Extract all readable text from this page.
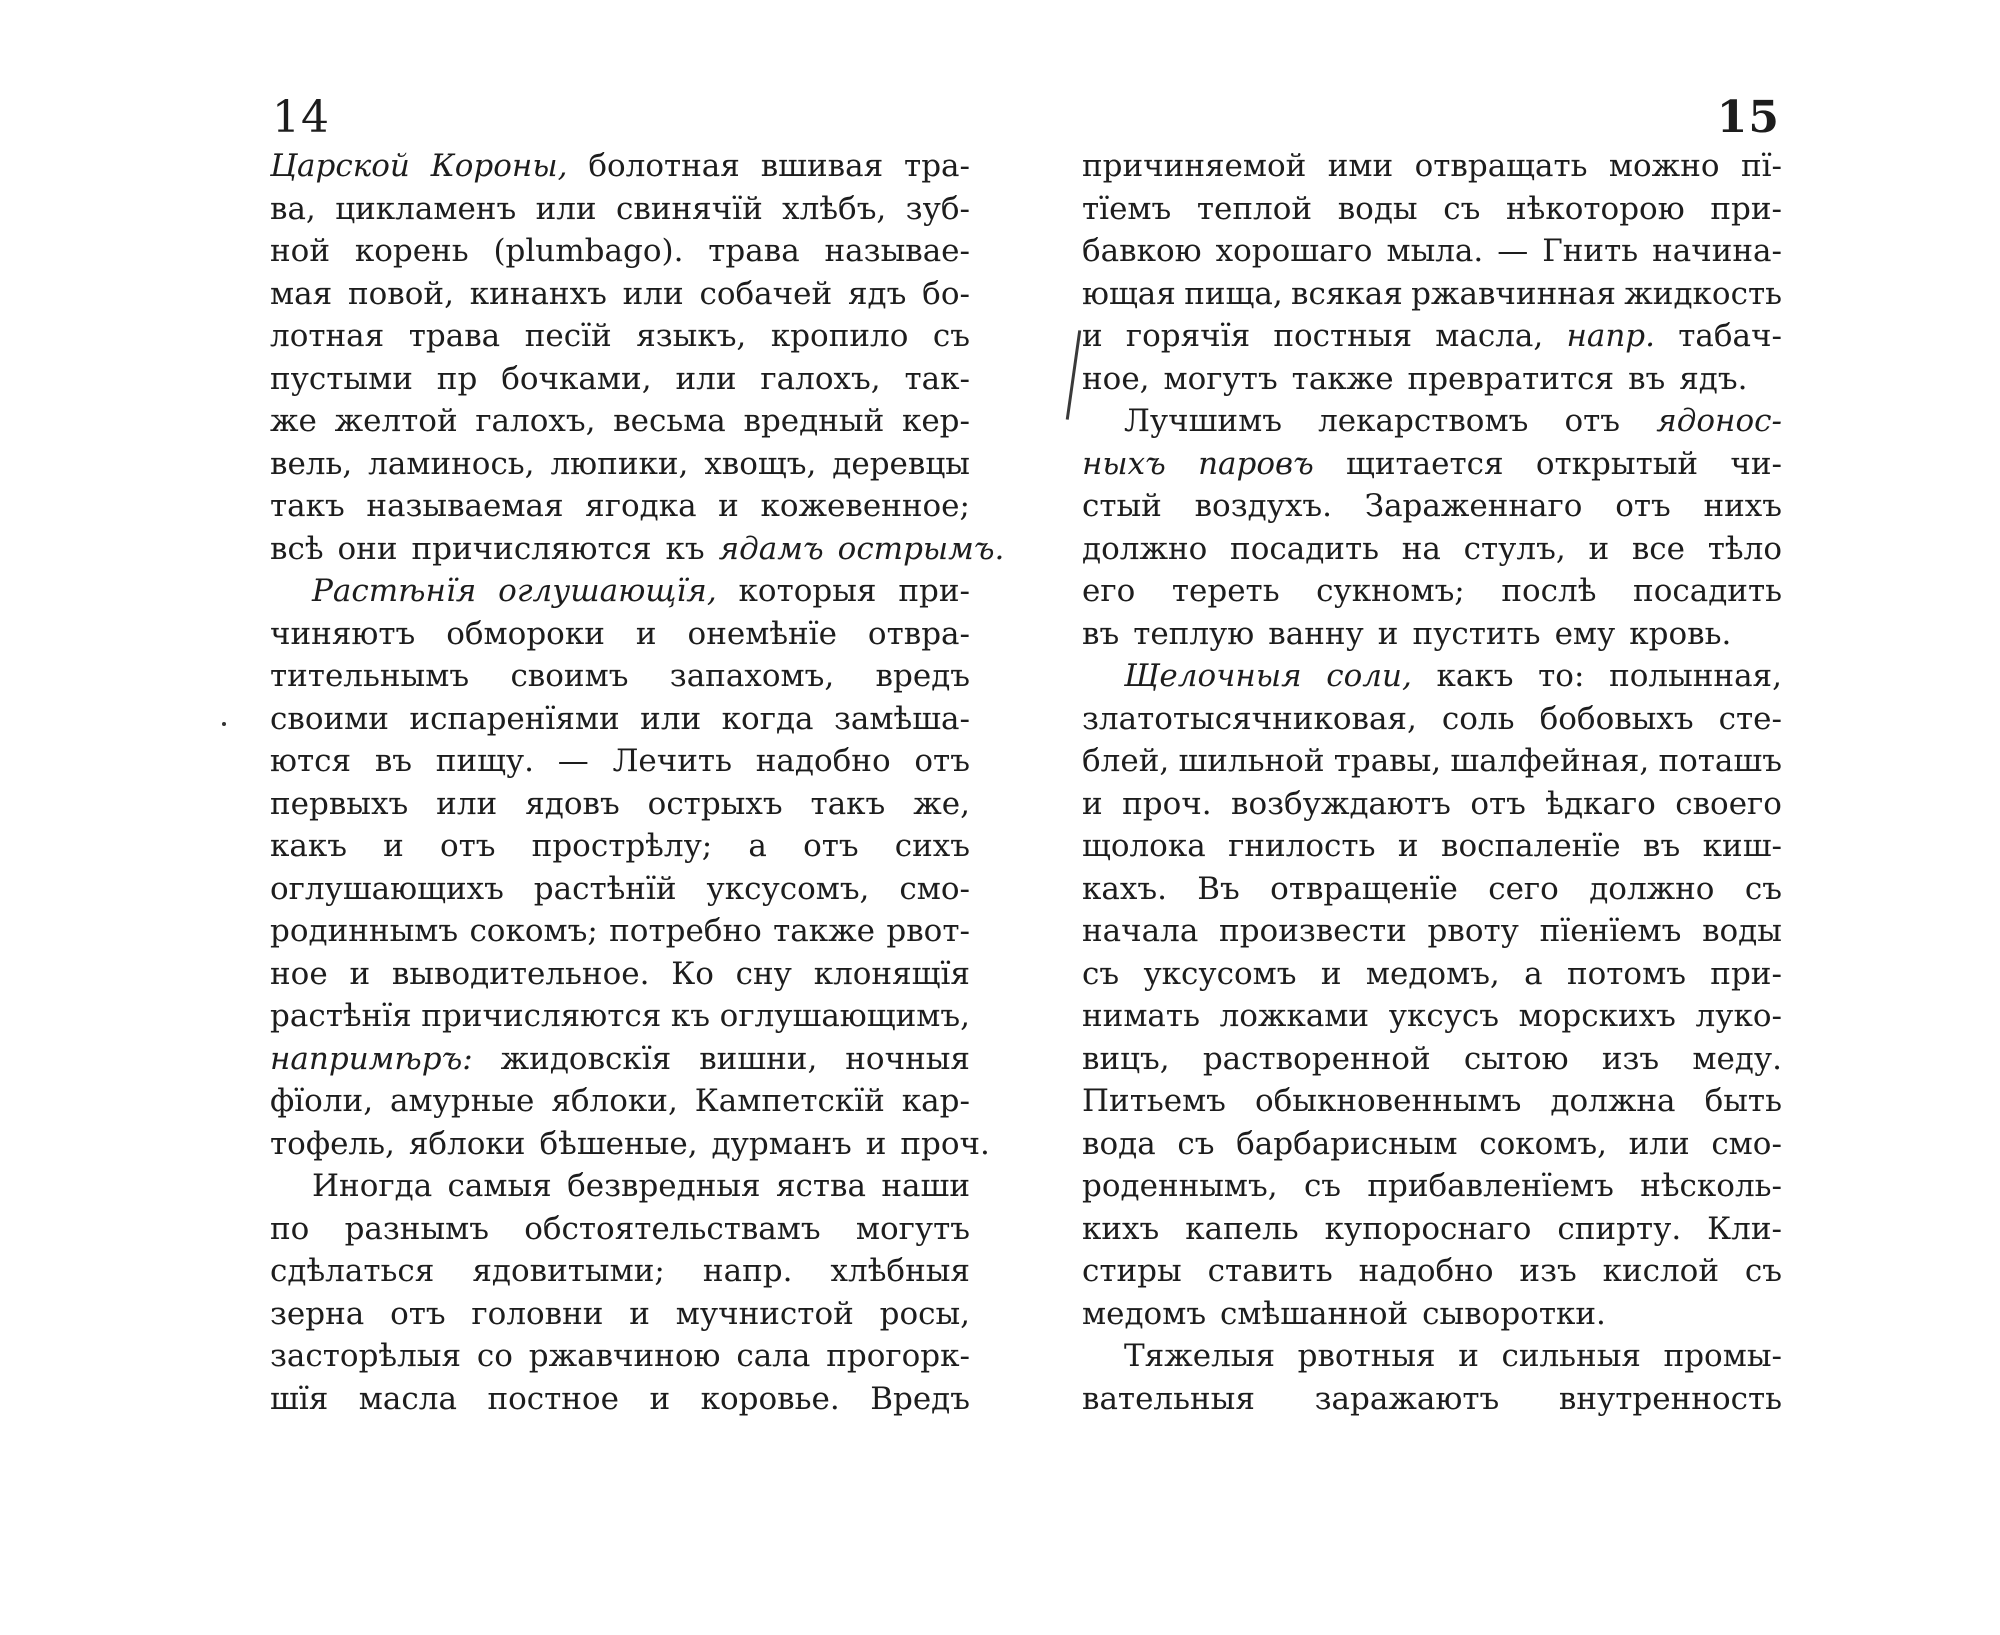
14
Царской Короны, болотная вшивая тра-
ва, цикламенъ или свинячїй хлѣбъ, зуб-
ной корень (plumbago). трава называе-
мая повой, кинанхъ или собачей ядъ бо-
лотная трава песїй языкъ, кропило съ
пустыми пр бочками, или галохъ, так-
же желтой галохъ, весьма вредный кер-
вель, ламиноcь, люпики, хвощъ, деревцы
такъ называемая ягодка и кожевенное;
всѣ они причисляются къ ядамъ острымъ.
Растѣнїя оглушающїя, которыя при-
чиняютъ обмороки и онемѣнїе отвра-
тительнымъ своимъ запахомъ, вредъ
своими испаренїями или когда замѣша-
ются въ пищу. — Лечить надобно отъ
первыхъ или ядовъ острыхъ такъ же,
какъ и отъ прострѣлу; а отъ сихъ
оглушающихъ растѣнїй уксусомъ, смо-
родиннымъ сокомъ; потребно также рвот-
ное и выводительное. Ко сну клонящїя
растѣнїя причисляются къ оглушающимъ,
напримѣръ: жидовскїя вишни, ночныя
фїоли, амурные яблоки, Кампетскїй кар-
тофель, яблоки бѣшеные, дурманъ и проч.
Иногда самыя безвредныя яствa наши
по разнымъ обстоятельствамъ могутъ
сдѣлаться ядовитыми; напр. хлѣбныя
зерна отъ головни и мучнистой росы,
засторѣлыя со ржавчиною сала прогорк-
шїя масла постное и коровье. Вредъ
15
причиняемой ими отвращать можно пї-
тїемъ теплой воды съ нѣкоторою при-
бавкою хорошаго мыла. — Гнить начина-
ющая пища, всякая ржавчинная жидкость
и горячїя постныя масла, напр. табач-
ное, могутъ также превратится въ ядъ.
Лучшимъ лекарствомъ отъ ядонос-
ныхъ паровъ щитается открытый чи-
стый воздухъ. Зараженнаго отъ нихъ
должно посадить на стулъ, и все тѣло
его тереть сукномъ; послѣ посадить
въ теплую ванну и пустить ему кровь.
Щелочныя соли, какъ то: полынная,
златотысячниковая, соль бобовыхъ сте-
блей, шильной травы, шалфейная, поташъ
и проч. возбуждаютъ отъ ѣдкаго своего
щолока гнилость и воспаленїе въ киш-
кахъ. Въ отвращенїе сего должно съ
начала произвести рвоту пїенїемъ воды
съ уксусомъ и медомъ, а потомъ при-
нимать ложками уксусъ морскихъ луко-
вицъ, растворенной сытою изъ меду.
Питьемъ обыкновеннымъ должна быть
вода съ барбарисным сокомъ, или смо-
роденнымъ, съ прибавленїемъ нѣсколь-
кихъ капель купороснаго спирту. Кли-
стиры ставить надобно изъ кислой съ
медомъ смѣшанной сыворотки.
Тяжелыя рвотныя и сильныя промы-
вательныя заражаютъ внутренность
